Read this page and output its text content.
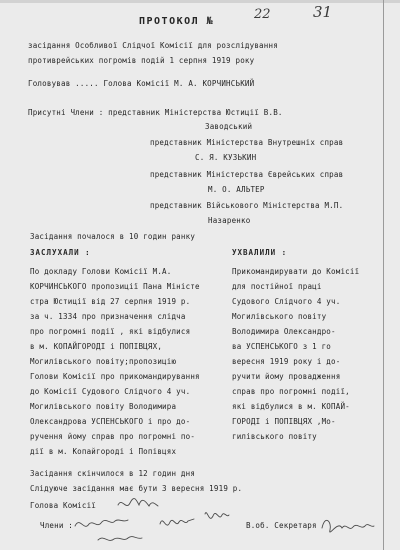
ПРОТОКОЛ №	22	31
засідання Особливої Слідчої Комісії для розслідування
противрейських погромів подій 1 серпня 1919 року
Головував ..... Голова Комісії М. А. КОРЧИНСЬКИЙ
Присутні Члени : представник Міністерства Юстиції В.В.
Заводський
представник Міністерства Внутрешніх справ
С. Я. КУЗЬКИН
представник Міністерства Єврейських справ
М. О. АЛЬТЕР
представник Військового Міністерства М.П.
Назаренко
Засідання почалося в 10 годин ранку
ЗАСЛУХАЛИ :	УХВАЛИЛИ :
По докладу Голови Комісії М.А.
КОРЧИНСЬКОГО пропозиції Пана Міністе
стра Юстиції від 27 серпня 1919 р.
за ч. 1334 про призначення слідча
про погромні події , які відбулися
в м. КОПАЙГОРОДІ і ПОПІВЦЯХ,
Могилівського повіту;пропозицію
Голови Комісії про прикомандирування
до Комісії Судового Слідчого 4 уч.
Могилівського повіту Володимира
Олександрова УСПЕНСЬКОГО і про до-
ручення йому справ про погромні по-
дії в м. Копайгороді і Попівцях
Прикомандирувати до Комісії
для постійної праці
Судового Слідчого 4 уч.
Могилівського повіту
Володимира Олександро-
ва УСПЕНСЬКОГО з 1 го
вересня 1919 року і до-
ручити йому провадження
справ про погромні події,
які відбулися в м. КОПАЙ-
ГОРОДІ і ПОПІВЦЯХ ,Мо-
гилівського повіту
Засідання скінчилося в 12 годин дня
Слідуюче засідання має бути 3 вересня 1919 р.
Голова Комісії
Члени :	В.об. Секретаря
